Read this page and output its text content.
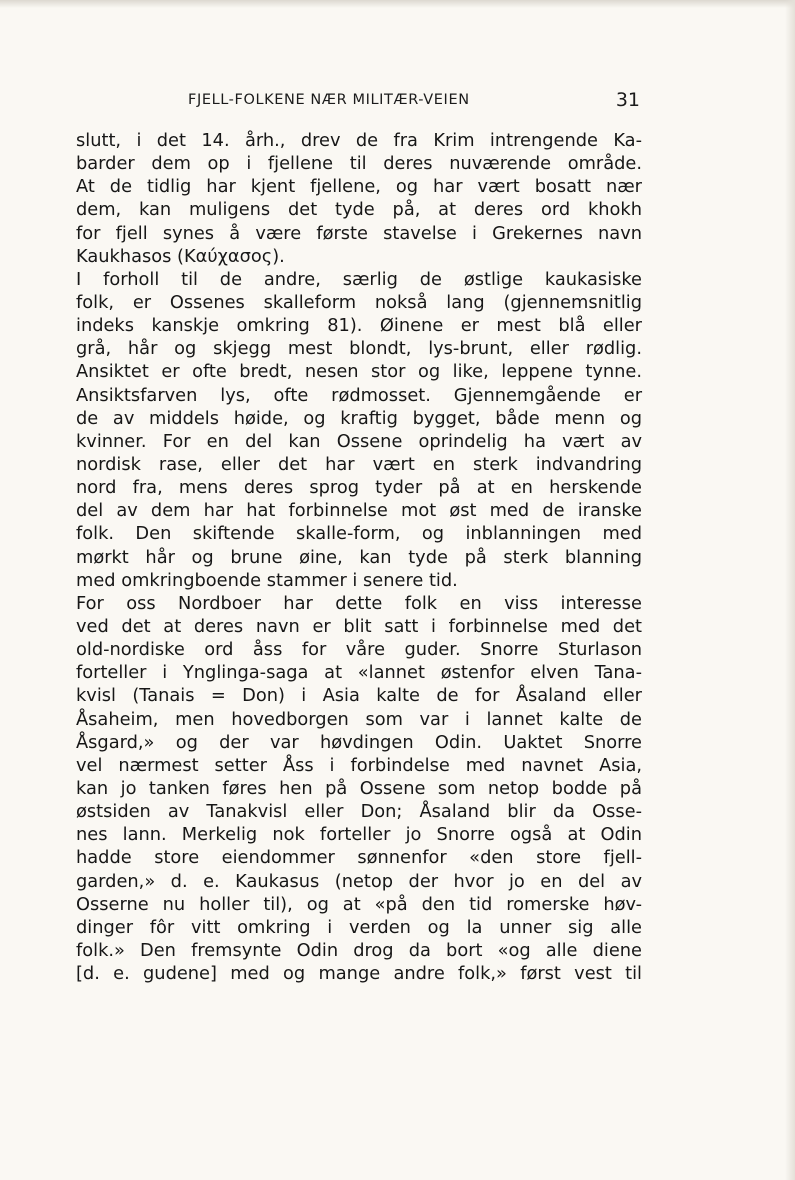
FJELL-FOLKENE NÆR MILITÆR-VEIEN	31
slutt, i det 14. årh., drev de fra Krim intrengende Ka-
barder dem op i fjellene til deres nuværende område.
At de tidlig har kjent fjellene, og har vært bosatt nær
dem, kan muligens det tyde på, at deres ord khokh
for fjell synes å være første stavelse i Grekernes navn
Kaukhasos (Καύχασος).
I forholl til de andre, særlig de østlige kaukasiske
folk, er Ossenes skalleform nokså lang (gjennemsnitlig
indeks kanskje omkring 81). Øinene er mest blå eller
grå, hår og skjegg mest blondt, lys-brunt, eller rødlig.
Ansiktet er ofte bredt, nesen stor og like, leppene tynne.
Ansiktsfarven lys, ofte rødmosset. Gjennemgående er
de av middels høide, og kraftig bygget, både menn og
kvinner. For en del kan Ossene oprindelig ha vært av
nordisk rase, eller det har vært en sterk indvandring
nord fra, mens deres sprog tyder på at en herskende
del av dem har hat forbinnelse mot øst med de iranske
folk. Den skiftende skalle-form, og inblanningen med
mørkt hår og brune øine, kan tyde på sterk blanning
med omkringboende stammer i senere tid.
For oss Nordboer har dette folk en viss interesse
ved det at deres navn er blit satt i forbinnelse med det
old-nordiske ord åss for våre guder. Snorre Sturlason
forteller i Ynglinga-saga at «lannet østenfor elven Tana-
kvisl (Tanais = Don) i Asia kalte de for Åsaland eller
Åsaheim, men hovedborgen som var i lannet kalte de
Åsgard,» og der var høvdingen Odin. Uaktet Snorre
vel nærmest setter Åss i forbindelse med navnet Asia,
kan jo tanken føres hen på Ossene som netop bodde på
østsiden av Tanakvisl eller Don; Åsaland blir da Osse-
nes lann. Merkelig nok forteller jo Snorre også at Odin
hadde store eiendommer sønnenfor «den store fjell-
garden,» d. e. Kaukasus (netop der hvor jo en del av
Osserne nu holler til), og at «på den tid romerske høv-
dinger fôr vitt omkring i verden og la unner sig alle
folk.» Den fremsynte Odin drog da bort «og alle diene
[d. e. gudene] med og mange andre folk,» først vest til
